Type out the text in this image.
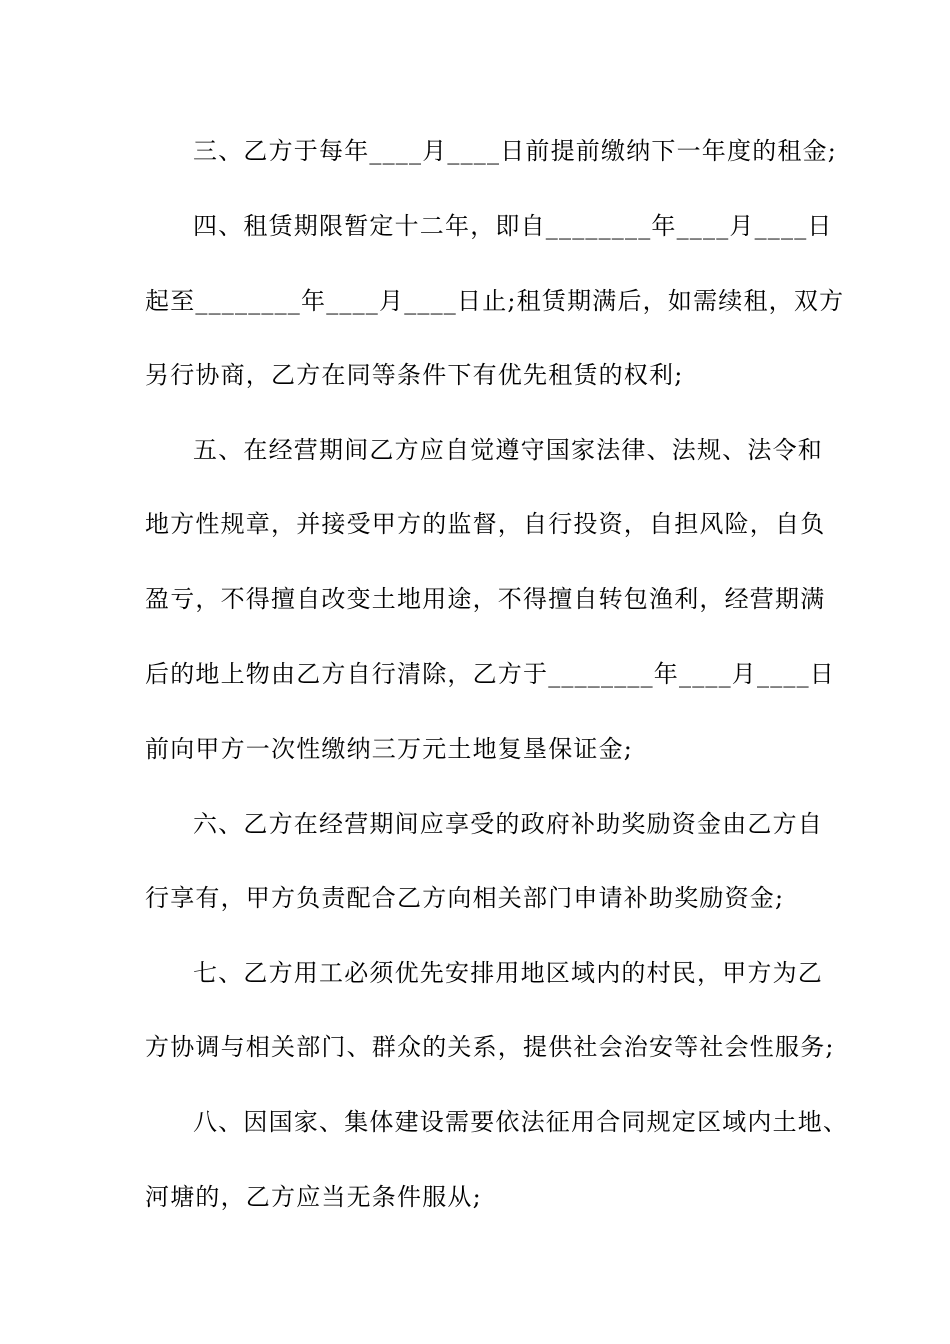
三、乙方于每年____月____日前提前缴纳下一年度的租金;
四、租赁期限暂定十二年，即自________年____月____日
起至________年____月____日止;租赁期满后，如需续租，双方
另行协商，乙方在同等条件下有优先租赁的权利;
五、在经营期间乙方应自觉遵守国家法律、法规、法令和
地方性规章，并接受甲方的监督，自行投资，自担风险，自负
盈亏，不得擅自改变土地用途，不得擅自转包渔利，经营期满
后的地上物由乙方自行清除，乙方于________年____月____日
前向甲方一次性缴纳三万元土地复垦保证金;
六、乙方在经营期间应享受的政府补助奖励资金由乙方自
行享有，甲方负责配合乙方向相关部门申请补助奖励资金;
七、乙方用工必须优先安排用地区域内的村民，甲方为乙
方协调与相关部门、群众的关系，提供社会治安等社会性服务;
八、因国家、集体建设需要依法征用合同规定区域内土地、
河塘的，乙方应当无条件服从;
